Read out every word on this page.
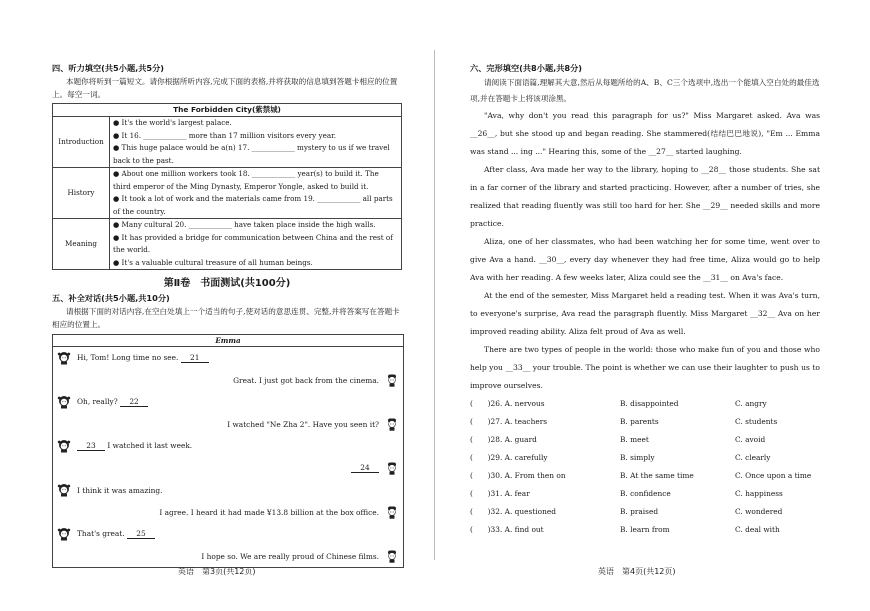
四、听力填空(共5小题,共5分)

本题你将听到一篇短文。请你根据所听内容,完成下面的表格,并将获取的信息填到答题卡相应的位置上。每空一词。

The Forbidden City(紫禁城)	
Introduction	● It's the world's largest palace.
● It 16. ____________ more than 17 million visitors every year.
● This huge palace would be a(n) 17. ____________ mystery to us if we travel back to the past.

History	● About one million workers took 18. ____________ year(s) to build it. The third emperor of the Ming Dynasty, Emperor Yongle, asked to build it.
● It took a lot of work and the materials came from 19. ____________ all parts of the country.

Meaning	● Many cultural 20. ____________ have taken place inside the high walls.
● It has provided a bridge for communication between China and the rest of the world.
● It's a valuable cultural treasure of all human beings.
第Ⅱ卷　书面测试(共100分)

五、补全对话(共5小题,共10分)

请根据下面的对话内容,在空白处填上一个适当的句子,使对话的意思连贯、完整,并将答案写在答题卡相应的位置上。

Emma
Hi, Tom! Long time no see. 21
Great. I just got back from the cinema.
Oh, really? 22
I watched "Ne Zha 2". Have you seen it?
23 I watched it last week.
24
I think it was amazing.
I agree. I heard it had made ¥13.8 billion at the box office.
That's great. 25
I hope so. We are really proud of Chinese films.

六、完形填空(共8小题,共8分)

请阅读下面语篇,理解其大意,然后从每题所给的A、B、C三个选项中,选出一个能填入空白处的最佳选项,并在答题卡上将该项涂黑。

"Ava, why don't you read this paragraph for us?" Miss Margaret asked. Ava was __26__, but she stood up and began reading. She stammered(结结巴巴地说), "Em ... Emma was stand ... ing ..." Hearing this, some of the __27__ started laughing.

After class, Ava made her way to the library, hoping to __28__ those students. She sat in a far corner of the library and started practicing. However, after a number of tries, she realized that reading fluently was still too hard for her. She __29__ needed skills and more practice.

Aliza, one of her classmates, who had been watching her for some time, went over to give Ava a hand. __30__, every day whenever they had free time, Aliza would go to help Ava with her reading. A few weeks later, Aliza could see the __31__ on Ava's face.

At the end of the semester, Miss Margaret held a reading test. When it was Ava's turn, to everyone's surprise, Ava read the paragraph fluently. Miss Margaret __32__ Ava on her improved reading ability. Aliza felt proud of Ava as well.

There are two types of people in the world: those who make fun of you and those who help you __33__ your trouble. The point is whether we can use their laughter to push us to improve ourselves.

(　　)26. A. nervous	B. disappointed	C. angry
(　　)27. A. teachers	B. parents	C. students
(　　)28. A. guard	B. meet	C. avoid
(　　)29. A. carefully	B. simply	C. clearly
(　　)30. A. From then on	B. At the same time	C. Once upon a time
(　　)31. A. fear	B. confidence	C. happiness
(　　)32. A. questioned	B. praised	C. wondered
(　　)33. A. find out	B. learn from	C. deal with
英语　第3页(共12页)	英语　第4页(共12页)
